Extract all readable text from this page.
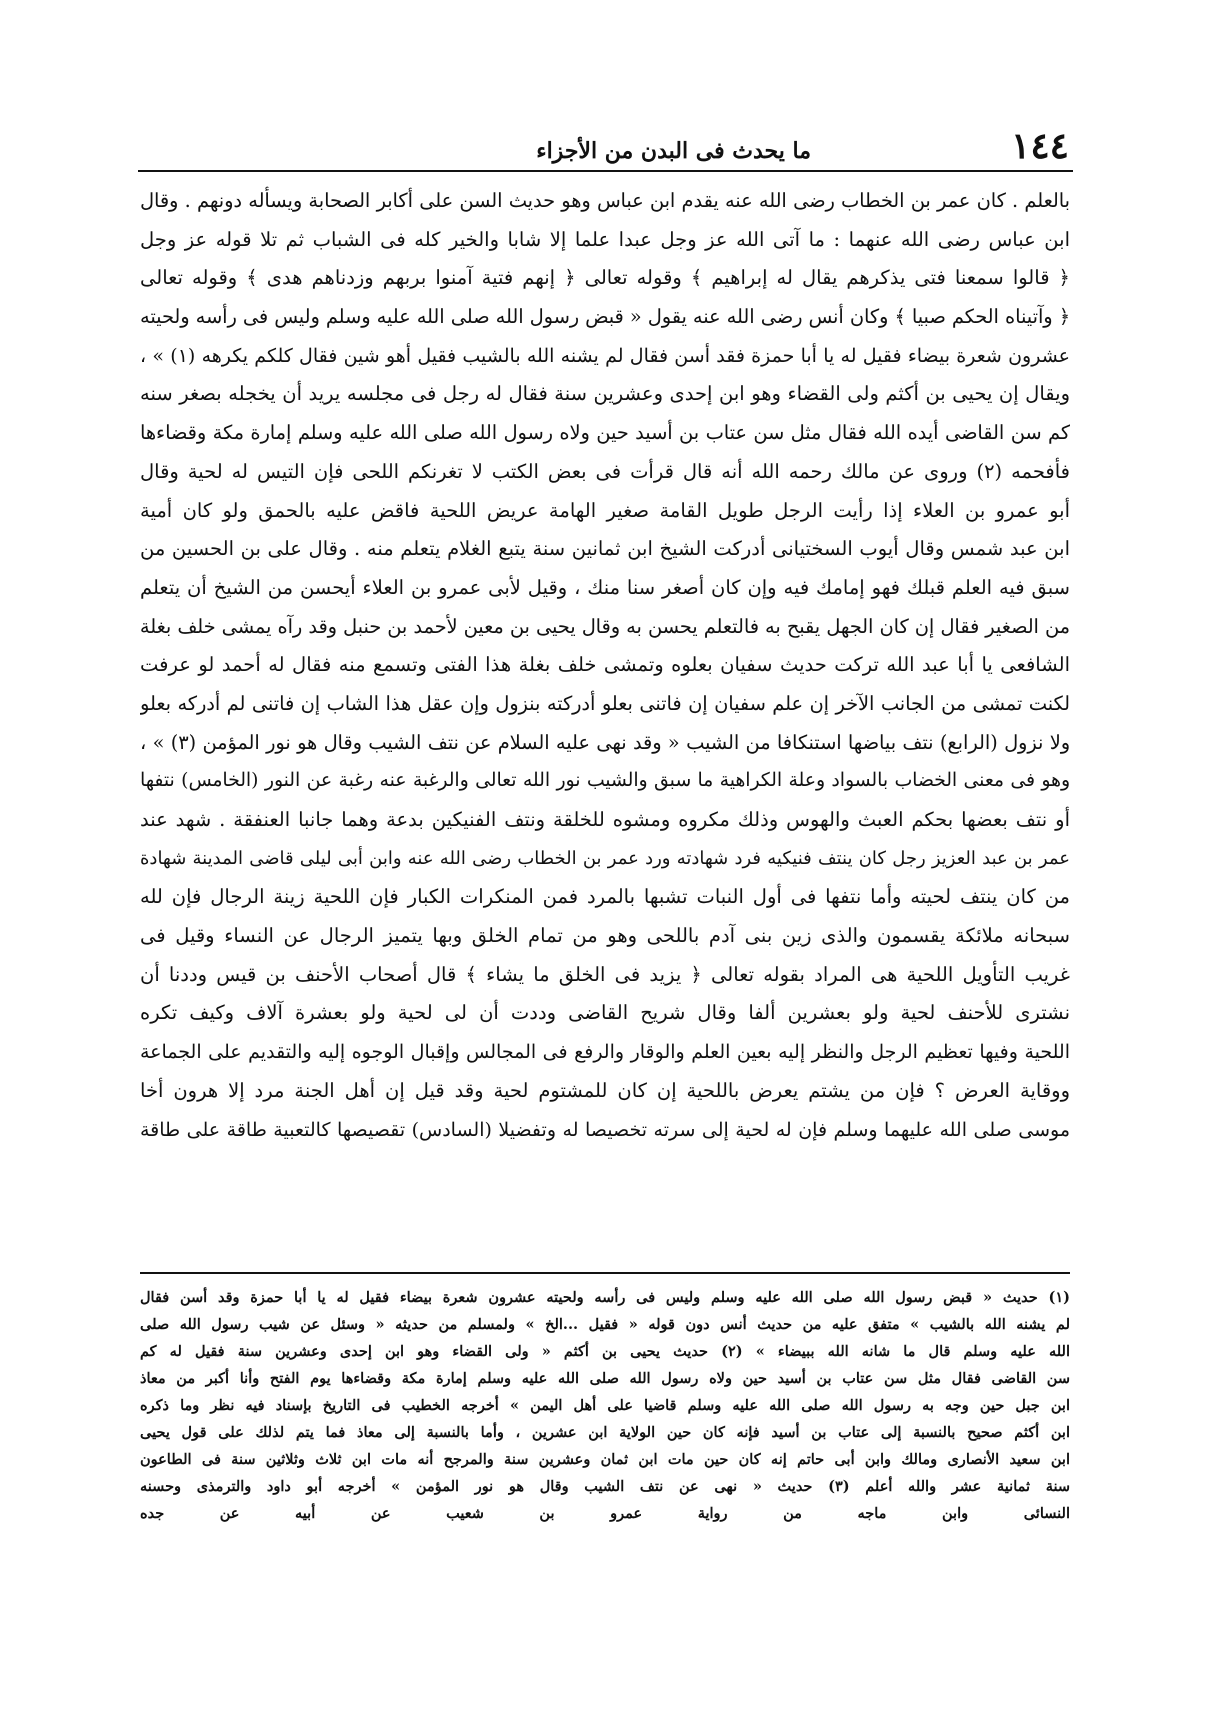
١٤٤
ما يحدث فى البدن من الأجزاء
بالعلم . كان عمر بن الخطاب رضى الله عنه يقدم ابن عباس وهو حديث السن على أكابر الصحابة ويسأله دونهم . وقال
ابن عباس رضى الله عنهما : ما آتى الله عز وجل عبدا علما إلا شابا والخير كله فى الشباب ثم تلا قوله عز وجل
﴿ قالوا سمعنا فتى يذكرهم يقال له إبراهيم ﴾ وقوله تعالى ﴿ إنهم فتية آمنوا بربهم وزدناهم هدى ﴾ وقوله تعالى
﴿ وآتيناه الحكم صبيا ﴾ وكان أنس رضى الله عنه يقول « قبض رسول الله صلى الله عليه وسلم وليس فى رأسه ولحيته
عشرون شعرة بيضاء فقيل له يا أبا حمزة فقد أسن فقال لم يشنه الله بالشيب فقيل أهو شين فقال كلكم يكرهه (١) » ،
ويقال إن يحيى بن أكثم ولى القضاء وهو ابن إحدى وعشرين سنة فقال له رجل فى مجلسه يريد أن يخجله بصغر سنه
كم سن القاضى أيده الله فقال مثل سن عتاب بن أسيد حين ولاه رسول الله صلى الله عليه وسلم إمارة مكة وقضاءها
فأفحمه (٢) وروى عن مالك رحمه الله أنه قال قرأت فى بعض الكتب لا تغرنكم اللحى فإن التيس له لحية وقال
أبو عمرو بن العلاء إذا رأيت الرجل طويل القامة صغير الهامة عريض اللحية فاقض عليه بالحمق ولو كان أمية
ابن عبد شمس وقال أيوب السختيانى أدركت الشيخ ابن ثمانين سنة يتبع الغلام يتعلم منه . وقال على بن الحسين من
سبق فيه العلم قبلك فهو إمامك فيه وإن كان أصغر سنا منك ، وقيل لأبى عمرو بن العلاء أيحسن من الشيخ أن يتعلم
من الصغير فقال إن كان الجهل يقبح به فالتعلم يحسن به وقال يحيى بن معين لأحمد بن حنبل وقد رآه يمشى خلف بغلة
الشافعى يا أبا عبد الله تركت حديث سفيان بعلوه وتمشى خلف بغلة هذا الفتى وتسمع منه فقال له أحمد لو عرفت
لكنت تمشى من الجانب الآخر إن علم سفيان إن فاتنى بعلو أدركته بنزول وإن عقل هذا الشاب إن فاتنى لم أدركه بعلو
ولا نزول (الرابع) نتف بياضها استنكافا من الشيب « وقد نهى عليه السلام عن نتف الشيب وقال هو نور المؤمن (٣) » ،
وهو فى معنى الخضاب بالسواد وعلة الكراهية ما سبق والشيب نور الله تعالى والرغبة عنه رغبة عن النور (الخامس) نتفها
أو نتف بعضها بحكم العبث والهوس وذلك مكروه ومشوه للخلقة ونتف الفنيكين بدعة وهما جانبا العنفقة . شهد عند
عمر بن عبد العزيز رجل كان ينتف فنيكيه فرد شهادته ورد عمر بن الخطاب رضى الله عنه وابن أبى ليلى قاضى المدينة شهادة
من كان ينتف لحيته وأما نتفها فى أول النبات تشبها بالمرد فمن المنكرات الكبار فإن اللحية زينة الرجال فإن لله
سبحانه ملائكة يقسمون والذى زين بنى آدم باللحى وهو من تمام الخلق وبها يتميز الرجال عن النساء وقيل فى
غريب التأويل اللحية هى المراد بقوله تعالى ﴿ يزيد فى الخلق ما يشاء ﴾ قال أصحاب الأحنف بن قيس وددنا أن
نشترى للأحنف لحية ولو بعشرين ألفا وقال شريح القاضى وددت أن لى لحية ولو بعشرة آلاف وكيف تكره
اللحية وفيها تعظيم الرجل والنظر إليه بعين العلم والوقار والرفع فى المجالس وإقبال الوجوه إليه والتقديم على الجماعة
ووقاية العرض ؟ فإن من يشتم يعرض باللحية إن كان للمشتوم لحية وقد قيل إن أهل الجنة مرد إلا هرون أخا
موسى صلى الله عليهما وسلم فإن له لحية إلى سرته تخصيصا له وتفضيلا (السادس) تقصيصها كالتعبية طاقة على طاقة
(١) حديث « قبض رسول الله صلى الله عليه وسلم وليس فى رأسه ولحيته عشرون شعرة بيضاء فقيل له يا أبا حمزة وقد أسن فقال
لم يشنه الله بالشيب » متفق عليه من حديث أنس دون قوله « فقيل ...الخ » ولمسلم من حديثه « وسئل عن شيب رسول الله صلى
الله عليه وسلم قال ما شانه الله ببيضاء » (٢) حديث يحيى بن أكثم « ولى القضاء وهو ابن إحدى وعشرين سنة فقيل له كم
سن القاضى فقال مثل سن عتاب بن أسيد حين ولاه رسول الله صلى الله عليه وسلم إمارة مكة وقضاءها يوم الفتح وأنا أكبر من معاذ
ابن جبل حين وجه به رسول الله صلى الله عليه وسلم قاضيا على أهل اليمن » أخرجه الخطيب فى التاريخ بإسناد فيه نظر وما ذكره
ابن أكثم صحيح بالنسبة إلى عتاب بن أسيد فإنه كان حين الولاية ابن عشرين ، وأما بالنسبة إلى معاذ فما يتم لذلك على قول يحيى
ابن سعيد الأنصارى ومالك وابن أبى حاتم إنه كان حين مات ابن ثمان وعشرين سنة والمرجح أنه مات ابن ثلاث وثلاثين سنة فى الطاعون
سنة ثمانية عشر والله أعلم (٣) حديث « نهى عن نتف الشيب وقال هو نور المؤمن » أخرجه أبو داود والترمذى وحسنه
النسائى وابن ماجه من رواية عمرو بن شعيب عن أبيه عن جده
